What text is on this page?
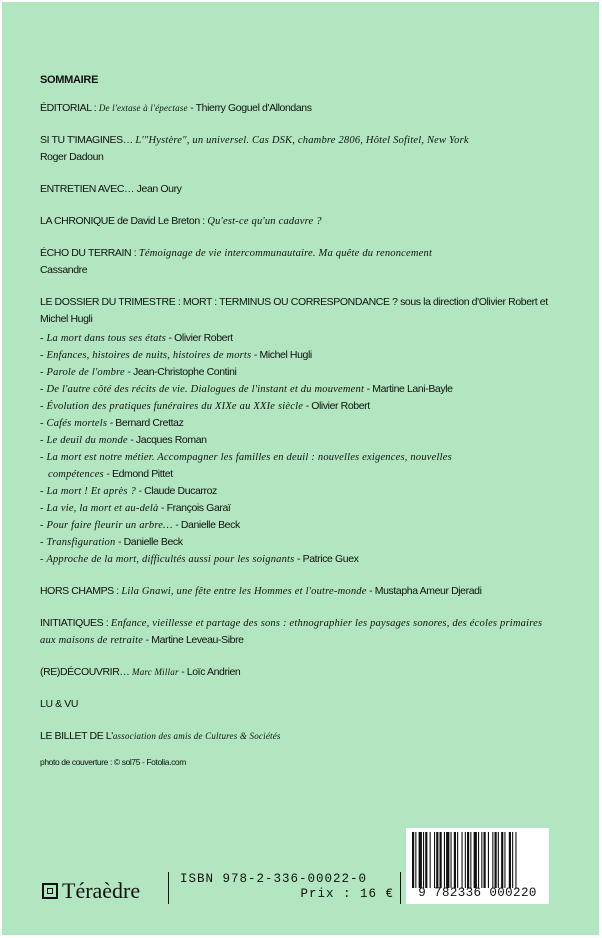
SOMMAIRE
ÉDITORIAL : De l'extase à l'épectase - Thierry Goguel d'Allondans
SI TU T'IMAGINES… L'"Hystère", un universel. Cas DSK, chambre 2806, Hôtel Sofitel, New York
Roger Dadoun
ENTRETIEN AVEC… Jean Oury
LA CHRONIQUE de David Le Breton : Qu'est-ce qu'un cadavre ?
ÉCHO DU TERRAIN : Témoignage de vie intercommunautaire. Ma quête du renoncement
Cassandre
LE DOSSIER DU TRIMESTRE : MORT : TERMINUS OU CORRESPONDANCE ? sous la direction d'Olivier Robert et Michel Hugli
- La mort dans tous ses états - Olivier Robert
- Enfances, histoires de nuits, histoires de morts - Michel Hugli
- Parole de l'ombre - Jean-Christophe Contini
- De l'autre côté des récits de vie. Dialogues de l'instant et du mouvement - Martine Lani-Bayle
- Évolution des pratiques funéraires du XIXe au XXIe siècle - Olivier Robert
- Cafés mortels - Bernard Crettaz
- Le deuil du monde - Jacques Roman
- La mort est notre métier. Accompagner les familles en deuil : nouvelles exigences, nouvelles
compétences - Edmond Pittet
- La mort ! Et après ? - Claude Ducarroz
- La vie, la mort et au-delà - François Garaï
- Pour faire fleurir un arbre… - Danielle Beck
- Transfiguration - Danielle Beck
- Approche de la mort, difficultés aussi pour les soignants - Patrice Guex
HORS CHAMPS : Lila Gnawi, une fête entre les Hommes et l'outre-monde - Mustapha Ameur Djeradi
INITIATIQUES : Enfance, vieillesse et partage des sons : ethnographier les paysages sonores, des écoles primaires aux maisons de retraite - Martine Leveau-Sibre
(RE)DÉCOUVRIR… Marc Millar - Loïc Andrien
LU & VU
LE BILLET DE L'association des amis de Cultures & Sociétés
photo de couverture : © sol75 - Fotolia.com
Téraèdre	ISBN 978-2-336-00022-0
Prix : 16 €	9 782336 000220
